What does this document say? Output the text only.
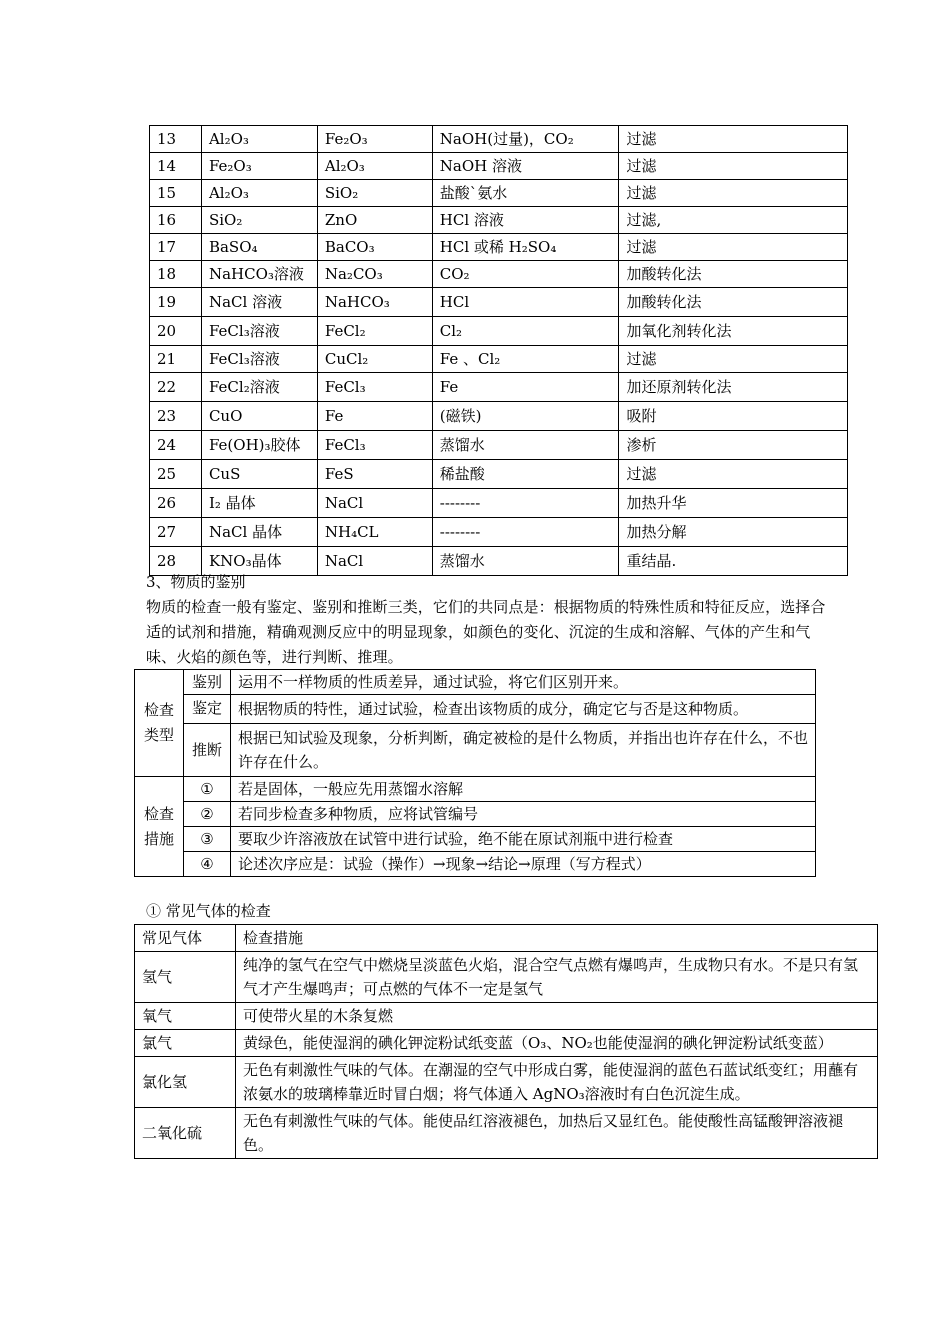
13	Al₂O₃	Fe₂O₃	NaOH(过量)，CO₂	过滤
14	Fe₂O₃	Al₂O₃	NaOH 溶液	过滤
15	Al₂O₃	SiO₂	盐酸`氨水	过滤
16	SiO₂	ZnO	HCl 溶液	过滤,
17	BaSO₄	BaCO₃	HCl 或稀 H₂SO₄	过滤
18	NaHCO₃溶液	Na₂CO₃	CO₂	加酸转化法
19	NaCl 溶液	NaHCO₃	HCl	加酸转化法
20	FeCl₃溶液	FeCl₂	Cl₂	加氧化剂转化法
21	FeCl₃溶液	CuCl₂	Fe 、Cl₂	过滤
22	FeCl₂溶液	FeCl₃	Fe	加还原剂转化法
23	CuO	Fe	(磁铁)	吸附
24	Fe(OH)₃胶体	FeCl₃	蒸馏水	渗析
25	CuS	FeS	稀盐酸	过滤
26	I₂ 晶体	NaCl	--------	加热升华
27	NaCl 晶体	NH₄CL	--------	加热分解
28	KNO₃晶体	NaCl	蒸馏水	重结晶.
3、物质的鉴别
物质的检查一般有鉴定、鉴别和推断三类，它们的共同点是：根据物质的特殊性质和特征反应，选择合适的试剂和措施，精确观测反应中的明显现象，如颜色的变化、沉淀的生成和溶解、气体的产生和气味、火焰的颜色等，进行判断、推理。
检查类型	鉴别	运用不一样物质的性质差异，通过试验，将它们区别开来。
	鉴定	根据物质的特性，通过试验，检查出该物质的成分，确定它与否是这种物质。
	推断	根据已知试验及现象，分析判断，确定被检的是什么物质，并指出也许存在什么，不也许存在什么。
检查措施	①	若是固体，一般应先用蒸馏水溶解
	②	若同步检查多种物质，应将试管编号
	③	要取少许溶液放在试管中进行试验，绝不能在原试剂瓶中进行检查
	④	论述次序应是：试验（操作）→现象→结论→原理（写方程式）
① 常见气体的检查
常见气体	检查措施
氢气	纯净的氢气在空气中燃烧呈淡蓝色火焰，混合空气点燃有爆鸣声，生成物只有水。不是只有氢气才产生爆鸣声；可点燃的气体不一定是氢气
氧气	可使带火星的木条复燃
氯气	黄绿色，能使湿润的碘化钾淀粉试纸变蓝（O₃、NO₂也能使湿润的碘化钾淀粉试纸变蓝）
氯化氢	无色有刺激性气味的气体。在潮湿的空气中形成白雾，能使湿润的蓝色石蓝试纸变红；用蘸有浓氨水的玻璃棒靠近时冒白烟；将气体通入 AgNO₃溶液时有白色沉淀生成。
二氧化硫	无色有刺激性气味的气体。能使品红溶液褪色，加热后又显红色。能使酸性高锰酸钾溶液褪色。
